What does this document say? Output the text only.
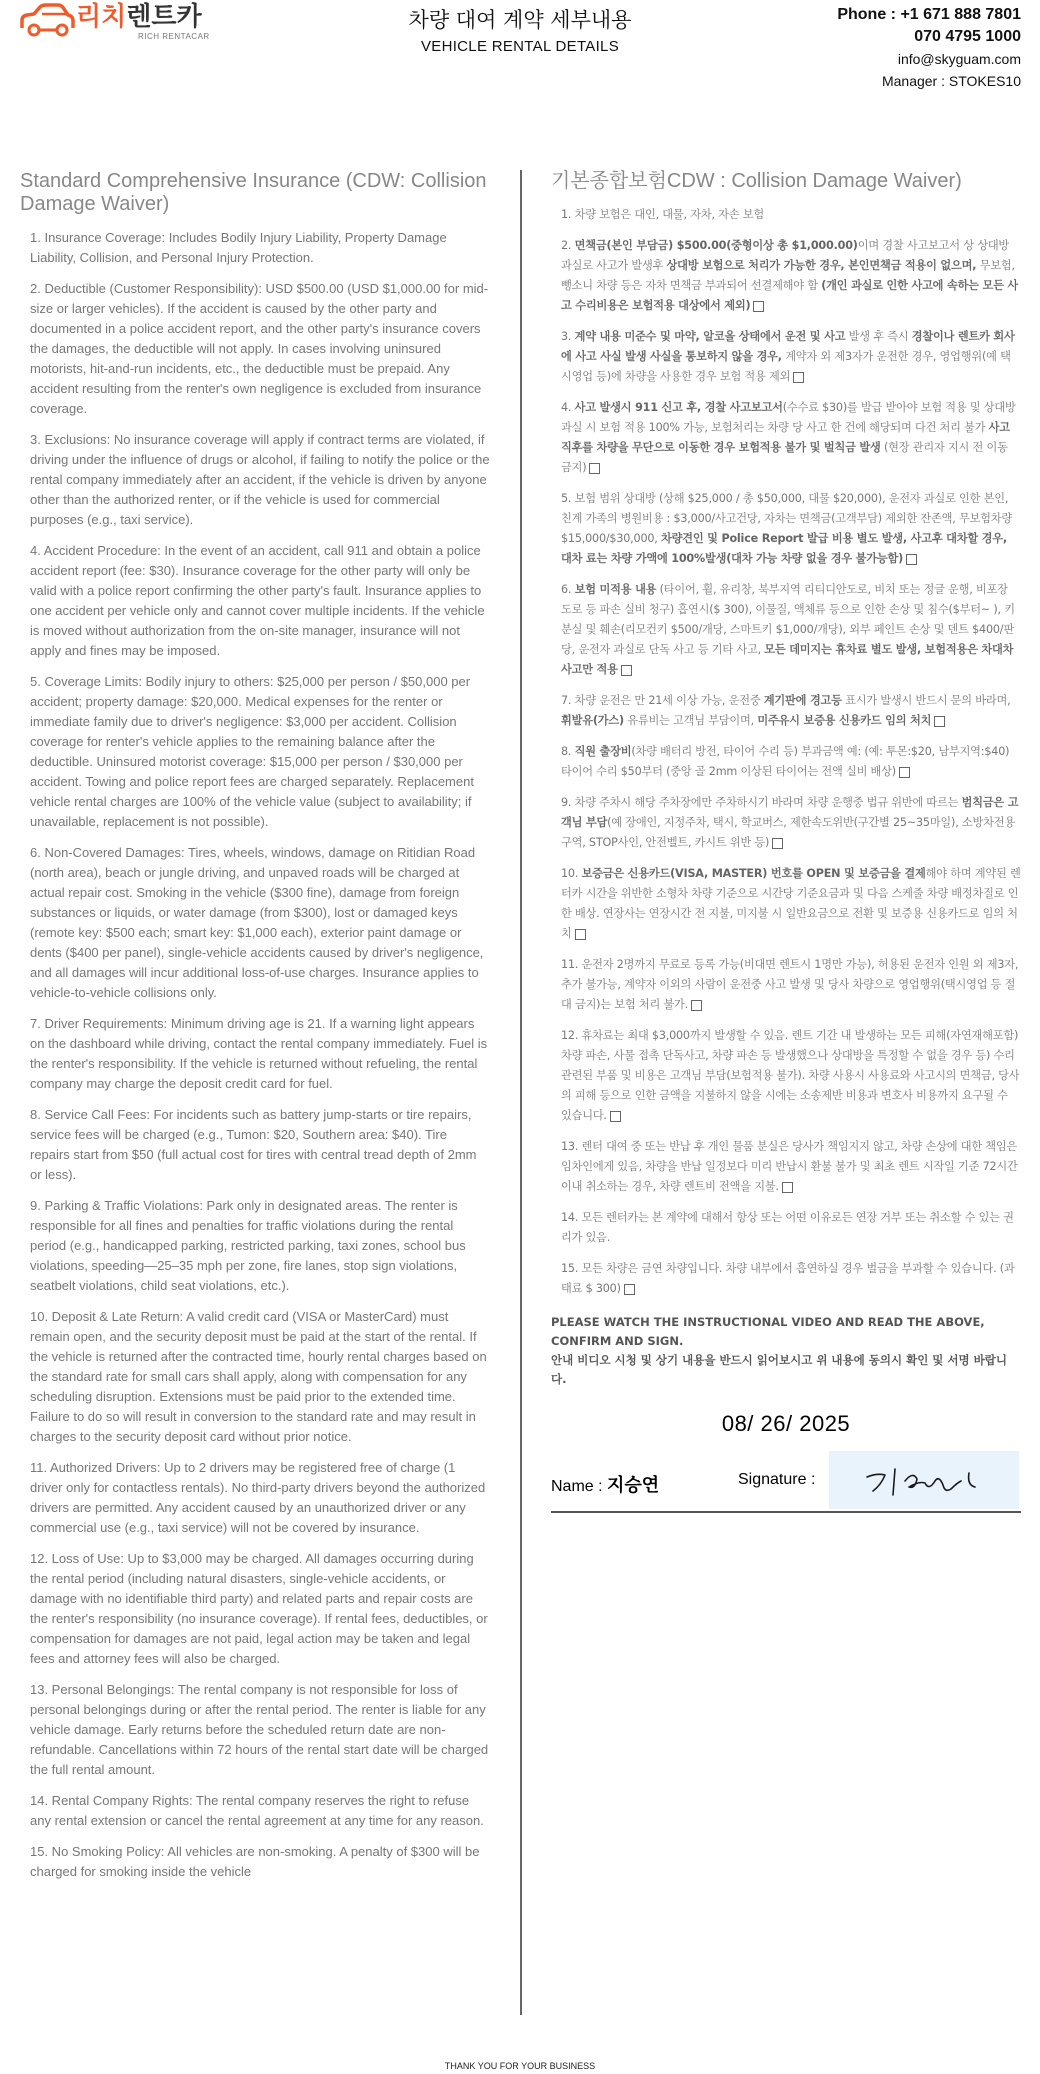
리치렌트카
RICH RENTACAR
차량 대여 계약 세부내용
VEHICLE RENTAL DETAILS
Phone : +1 671 888 7801
070 4795 1000
info@skyguam.com
Manager : STOKES10
Standard Comprehensive Insurance (CDW: Collision Damage Waiver)
1. Insurance Coverage: Includes Bodily Injury Liability, Property Damage Liability, Collision, and Personal Injury Protection.
2. Deductible (Customer Responsibility): USD $500.00 (USD $1,000.00 for mid-size or larger vehicles). If the accident is caused by the other party and documented in a police accident report, and the other party's insurance covers the damages, the deductible will not apply. In cases involving uninsured motorists, hit-and-run incidents, etc., the deductible must be prepaid. Any accident resulting from the renter's own negligence is excluded from insurance coverage.
3. Exclusions: No insurance coverage will apply if contract terms are violated, if driving under the influence of drugs or alcohol, if failing to notify the police or the rental company immediately after an accident, if the vehicle is driven by anyone other than the authorized renter, or if the vehicle is used for commercial purposes (e.g., taxi service).
4. Accident Procedure: In the event of an accident, call 911 and obtain a police accident report (fee: $30). Insurance coverage for the other party will only be valid with a police report confirming the other party's fault. Insurance applies to one accident per vehicle only and cannot cover multiple incidents. If the vehicle is moved without authorization from the on-site manager, insurance will not apply and fines may be imposed.
5. Coverage Limits: Bodily injury to others: $25,000 per person / $50,000 per accident; property damage: $20,000. Medical expenses for the renter or immediate family due to driver's negligence: $3,000 per accident. Collision coverage for renter's vehicle applies to the remaining balance after the deductible. Uninsured motorist coverage: $15,000 per person / $30,000 per accident. Towing and police report fees are charged separately. Replacement vehicle rental charges are 100% of the vehicle value (subject to availability; if unavailable, replacement is not possible).
6. Non-Covered Damages: Tires, wheels, windows, damage on Ritidian Road (north area), beach or jungle driving, and unpaved roads will be charged at actual repair cost. Smoking in the vehicle ($300 fine), damage from foreign substances or liquids, or water damage (from $300), lost or damaged keys (remote key: $500 each; smart key: $1,000 each), exterior paint damage or dents ($400 per panel), single-vehicle accidents caused by driver's negligence, and all damages will incur additional loss-of-use charges. Insurance applies to vehicle-to-vehicle collisions only.
7. Driver Requirements: Minimum driving age is 21. If a warning light appears on the dashboard while driving, contact the rental company immediately. Fuel is the renter's responsibility. If the vehicle is returned without refueling, the rental company may charge the deposit credit card for fuel.
8. Service Call Fees: For incidents such as battery jump-starts or tire repairs, service fees will be charged (e.g., Tumon: $20, Southern area: $40). Tire repairs start from $50 (full actual cost for tires with central tread depth of 2mm or less).
9. Parking & Traffic Violations: Park only in designated areas. The renter is responsible for all fines and penalties for traffic violations during the rental period (e.g., handicapped parking, restricted parking, taxi zones, school bus violations, speeding—25–35 mph per zone, fire lanes, stop sign violations, seatbelt violations, child seat violations, etc.).
10. Deposit & Late Return: A valid credit card (VISA or MasterCard) must remain open, and the security deposit must be paid at the start of the rental. If the vehicle is returned after the contracted time, hourly rental charges based on the standard rate for small cars shall apply, along with compensation for any scheduling disruption. Extensions must be paid prior to the extended time. Failure to do so will result in conversion to the standard rate and may result in charges to the security deposit card without prior notice.
11. Authorized Drivers: Up to 2 drivers may be registered free of charge (1 driver only for contactless rentals). No third-party drivers beyond the authorized drivers are permitted. Any accident caused by an unauthorized driver or any commercial use (e.g., taxi service) will not be covered by insurance.
12. Loss of Use: Up to $3,000 may be charged. All damages occurring during the rental period (including natural disasters, single-vehicle accidents, or damage with no identifiable third party) and related parts and repair costs are the renter's responsibility (no insurance coverage). If rental fees, deductibles, or compensation for damages are not paid, legal action may be taken and legal fees and attorney fees will also be charged.
13. Personal Belongings: The rental company is not responsible for loss of personal belongings during or after the rental period. The renter is liable for any vehicle damage. Early returns before the scheduled return date are non-refundable. Cancellations within 72 hours of the rental start date will be charged the full rental amount.
14. Rental Company Rights: The rental company reserves the right to refuse any rental extension or cancel the rental agreement at any time for any reason.
15. No Smoking Policy: All vehicles are non-smoking. A penalty of $300 will be charged for smoking inside the vehicle
기본종합보험CDW : Collision Damage Waiver)
1. 차량 보험은 대인, 대물, 자차, 자손 보험
2. 면책금(본인 부담금) $500.00(중형이상 총 $1,000.00)이며 경찰 사고보고서 상 상대방 과실로 사고가 발생후 상대방 보험으로 처리가 가능한 경우, 본인면책금 적용이 없으며, 무보험, 뺑소니 차량 등은 자차 면책금 부과되어 선결제해야 함 (개인 과실로 인한 사고에 속하는 모든 사고 수리비용은 보험적용 대상에서 제외)
3. 계약 내용 미준수 및 마약, 알코올 상태에서 운전 및 사고 발생 후 즉시 경찰이나 렌트카 회사에 사고 사실 발생 사실을 통보하지 않을 경우, 계약자 외 제3자가 운전한 경우, 영업행위(예 택시영업 등)에 차량을 사용한 경우 보험 적용 제외
4. 사고 발생시 911 신고 후, 경찰 사고보고서(수수료 $30)를 발급 받아야 보험 적용 및 상대방 과실 시 보험 적용 100% 가능, 보험처리는 차량 당 사고 한 건에 해당되며 다건 처리 불가 사고 직후를 차량을 무단으로 이동한 경우 보험적용 불가 및 벌칙금 발생 (현장 관리자 지시 전 이동 금지)
5. 보험 범위 상대방 (상해 $25,000 / 총 $50,000, 대물 $20,000), 운전자 과실로 인한 본인, 친계 가족의 병원비용 : $3,000/사고건당, 자차는 면책금(고객부담) 제외한 잔존액, 무보험차량 $15,000/$30,000, 차량견인 및 Police Report 발급 비용 별도 발생, 사고후 대차할 경우, 대차 료는 차량 가액에 100%발생(대차 가능 차량 없을 경우 불가능함)
6. 보험 미적용 내용 (타이어, 휠, 유리창, 북부지역 리티디안도로, 비치 또는 정글 운행, 비포장 도로 등 파손 실비 청구) 흡연시($ 300), 이물질, 액체류 등으로 인한 손상 및 침수($부터~ ), 키 분실 및 훼손(리모컨키 $500/개당, 스마트키 $1,000/개당), 외부 페인트 손상 및 덴트 $400/판당, 운전자 과실로 단독 사고 등 기타 사고, 모든 데미지는 휴차료 별도 발생, 보험적용은 차대차 사고만 적용
7. 차량 운전은 만 21세 이상 가능, 운전중 계기판에 경고등 표시가 발생시 반드시 문의 바라며, 휘발유(가스) 유류비는 고객님 부담이며, 미주유시 보증용 신용카드 임의 처치
8. 직원 출장비(차량 배터리 방전, 타이어 수리 등) 부과금액 예: (예: 투몬:$20, 남부지역:$40) 타이어 수리 $50부터 (중앙 골 2mm 이상된 타이어는 전액 실비 배상)
9. 차량 주차시 해당 주차장에만 주차하시기 바라며 차량 운행중 법규 위반에 따르는 범칙금은 고객님 부담(예 장애인, 지정주차, 택시, 학교버스, 제한속도위반(구간별 25~35마일), 소방차전용 구역, STOP사인, 안전벨트, 카시트 위반 등)
10. 보증금은 신용카드(VISA, MASTER) 번호를 OPEN 및 보증금을 결제해야 하며 계약된 렌터카 시간을 위반한 소형차 차량 기준으로 시간당 기준요금과 및 다음 스케줄 차량 배정차질로 인한 배상. 연장사는 연장시간 전 지불, 미지불 시 일반요금으로 전환 및 보증용 신용카드로 임의 처치
11. 운전자 2명까지 무료로 등록 가능(비대면 렌트시 1명만 가능), 허용된 운전자 인원 외 제3자, 추가 불가능, 계약자 이외의 사람이 운전중 사고 발생 및 당사 차량으로 영업행위(택시영업 등 절대 금지)는 보험 처리 불가.
12. 휴차료는 최대 $3,000까지 발생할 수 있음. 렌트 기간 내 발생하는 모든 피해(자연재해포함) 차량 파손, 사물 접촉 단독사고, 차량 파손 등 발생했으나 상대방을 특정할 수 없을 경우 등) 수리 관련된 부품 및 비용은 고객님 부담(보험적용 불가). 차량 사용시 사용료와 사고시의 면책금, 당사의 피해 등으로 인한 금액을 지불하지 않을 시에는 소송제반 비용과 변호사 비용까지 요구될 수 있습니다.
13. 렌터 대여 중 또는 반납 후 개인 물품 분실은 당사가 책임지지 않고, 차량 손상에 대한 책임은 임차인에게 있음, 차량을 반납 일정보다 미리 반납시 환불 불가 및 최초 렌트 시작일 기준 72시간 이내 취소하는 경우, 차량 렌트비 전액을 지불.
14. 모든 렌터카는 본 계약에 대해서 항상 또는 어떤 이유로든 연장 거부 또는 취소할 수 있는 권리가 있음.
15. 모든 차량은 금연 차량입니다. 차량 내부에서 흡연하실 경우 벌금을 부과할 수 있습니다. (과태료 $ 300)
PLEASE WATCH THE INSTRUCTIONAL VIDEO AND READ THE ABOVE, CONFIRM AND SIGN.
안내 비디오 시청 및 상기 내용을 반드시 읽어보시고 위 내용에 동의시 확인 및 서명 바랍니다.
08/ 26/ 2025
Name : 지승연	Signature :
THANK YOU FOR YOUR BUSINESS
